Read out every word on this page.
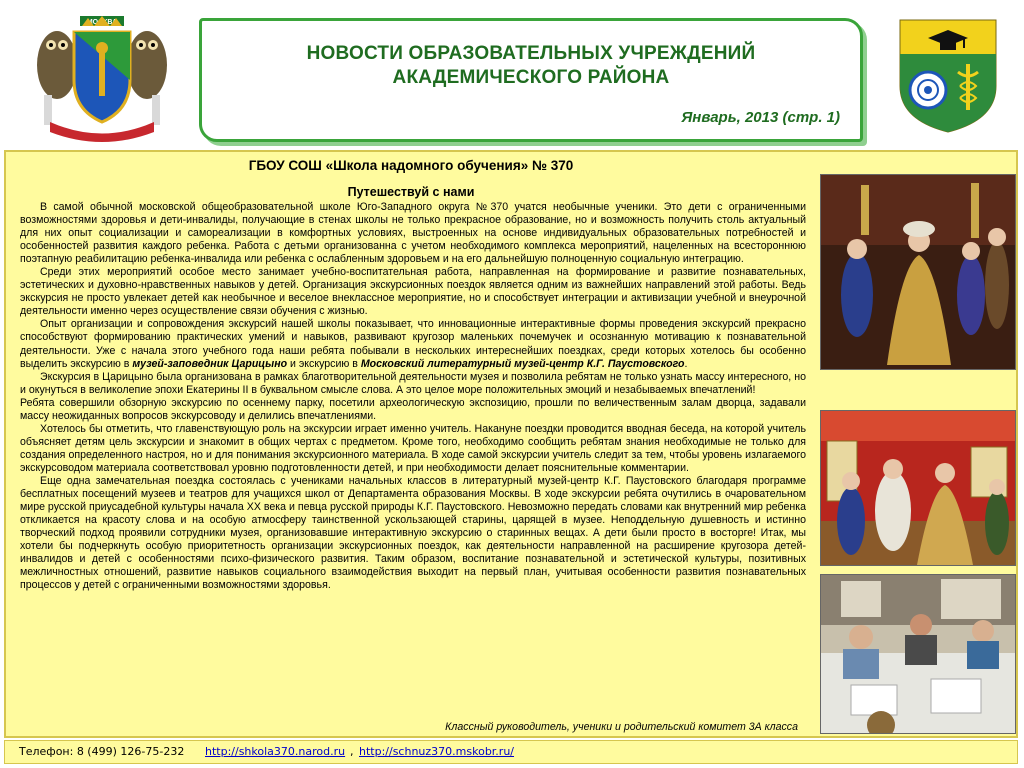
НОВОСТИ ОБРАЗОВАТЕЛЬНЫХ УЧРЕЖДЕНИЙ
АКАДЕМИЧЕСКОГО РАЙОНА
Январь, 2013 (стр. 1)
ГБОУ СОШ «Школа надомного обучения» № 370
Путешествуй с нами

В самой обычной московской общеобразовательной школе Юго-Западного округа №370 учатся необычные ученики. Это дети с ограниченными возможностями здоровья и дети-инвалиды, получающие в стенах школы не только прекрасное образование, но и возможность получить столь актуальный для них опыт социализации и самореализации в комфортных условиях, выстроенных на основе индивидуальных образовательных потребностей и особенностей развития каждого ребенка. Работа с детьми организованна с учетом необходимого комплекса мероприятий, нацеленных на всестороннюю поэтапную реабилитацию ребенка-инвалида или ребенка с ослабленным здоровьем и на его дальнейшую полноценную социальную интеграцию.

Среди этих мероприятий особое место занимает учебно-воспитательная работа, направленная на формирование и развитие познавательных, эстетических и духовно-нравственных навыков у детей. Организация экскурсионных поездок является одним из важнейших направлений этой работы. Ведь экскурсия не просто увлекает детей как необычное и веселое внеклассное мероприятие, но и способствует интеграции и активизации учебной и внеурочной деятельности именно через осуществление связи обучения с жизнью.

Опыт организации и сопровождения экскурсий нашей школы показывает, что инновационные интерактивные формы проведения экскурсий прекрасно способствуют формированию практических умений и навыков, развивают кругозор маленьких почемучек и осознанную мотивацию к познавательной деятельности. Уже с начала этого учебного года наши ребята побывали в нескольких интереснейших поездках, среди которых хотелось бы особенно выделить экскурсию в музей-заповедник Царицыно и экскурсию в Московский литературный музей-центр К.Г. Паустовского.

Экскурсия в Царицыно была организована в рамках благотворительной деятельности музея и позволила ребятам не только узнать массу интересного, но и окунуться в великолепие эпохи Екатерины II в буквальном смысле слова. А это целое море положительных эмоций и незабываемых впечатлений!

Ребята совершили обзорную экскурсию по осеннему парку, посетили археологическую экспозицию, прошли по величественным залам дворца, задавали массу неожиданных вопросов экскурсоводу и делились впечатлениями.

Хотелось бы отметить, что главенствующую роль на экскурсии играет именно учитель. Накануне поездки проводится вводная беседа, на которой учитель объясняет детям цель экскурсии и знакомит в общих чертах с предметом. Кроме того, необходимо сообщить ребятам знания необходимые не только для создания определенного настроя, но и для понимания экскурсионного материала. В ходе самой экскурсии учитель следит за тем, чтобы уровень излагаемого экскурсоводом материала соответствовал уровню подготовленности детей, и при необходимости делает пояснительные комментарии.

Еще одна замечательная поездка состоялась с учениками начальных классов в литературный музей-центр К.Г. Паустовского благодаря программе бесплатных посещений музеев и театров для учащихся школ от Департамента образования Москвы. В ходе экскурсии ребята очутились в очаровательном мире русской приусадебной культуры начала XX века и певца русской природы К.Г. Паустовского. Невозможно передать словами как внутренний мир ребенка откликается на красоту слова и на особую атмосферу таинственной ускользающей старины, царящей в музее. Неподдельную душевность и истинно творческий подход проявили сотрудники музея, организовавшие интерактивную экскурсию о старинных вещах. А дети были просто в восторге! Итак, мы хотели бы подчеркнуть особую приоритетность организации экскурсионных поездок, как деятельности направленной на расширение кругозора детей-инвалидов и детей с особенностями психо-физического развития. Таким образом, воспитание познавательной и эстетической культуры, позитивных межличностных отношений, развитие навыков социального взаимодействия выходит на первый план, учитывая особенности развития познавательных процессов у детей с ограниченными возможностями здоровья.

Классный руководитель, ученики и родительский комитет 3А класса
Телефон: 8 (499) 126-75-232 http://shkola370.narod.ru , http://schnuz370.mskobr.ru/
